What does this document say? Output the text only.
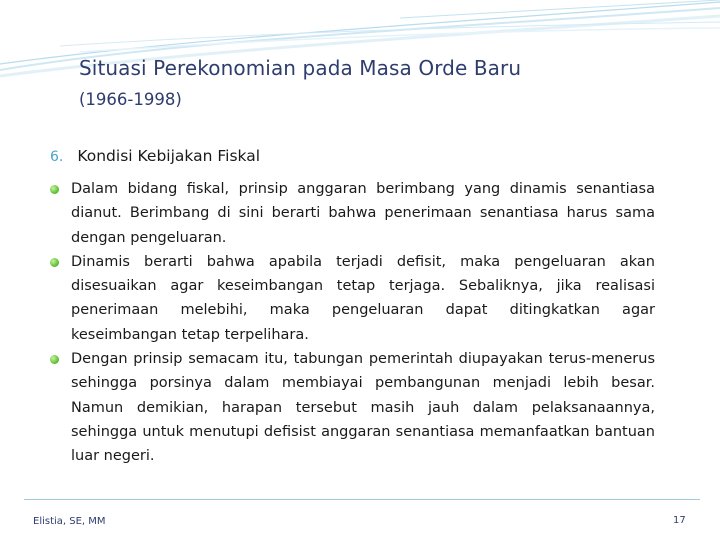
Situasi Perekonomian pada Masa Orde Baru
(1966-1998)
6. Kondisi Kebijakan Fiskal
Dalam bidang fiskal, prinsip anggaran berimbang yang dinamis senantiasa dianut. Berimbang di sini berarti bahwa penerimaan senantiasa harus sama dengan pengeluaran.
Dinamis berarti bahwa apabila terjadi defisit, maka pengeluaran akan disesuaikan agar keseimbangan tetap terjaga. Sebaliknya, jika realisasi penerimaan melebihi, maka pengeluaran dapat ditingkatkan agar keseimbangan tetap terpelihara.
Dengan prinsip semacam itu, tabungan pemerintah diupayakan terus-menerus sehingga porsinya dalam membiayai pembangunan menjadi lebih besar. Namun demikian, harapan tersebut masih jauh dalam pelaksanaannya, sehingga untuk menutupi defisist anggaran senantiasa memanfaatkan bantuan luar negeri.
Elistia, SE, MM	17
